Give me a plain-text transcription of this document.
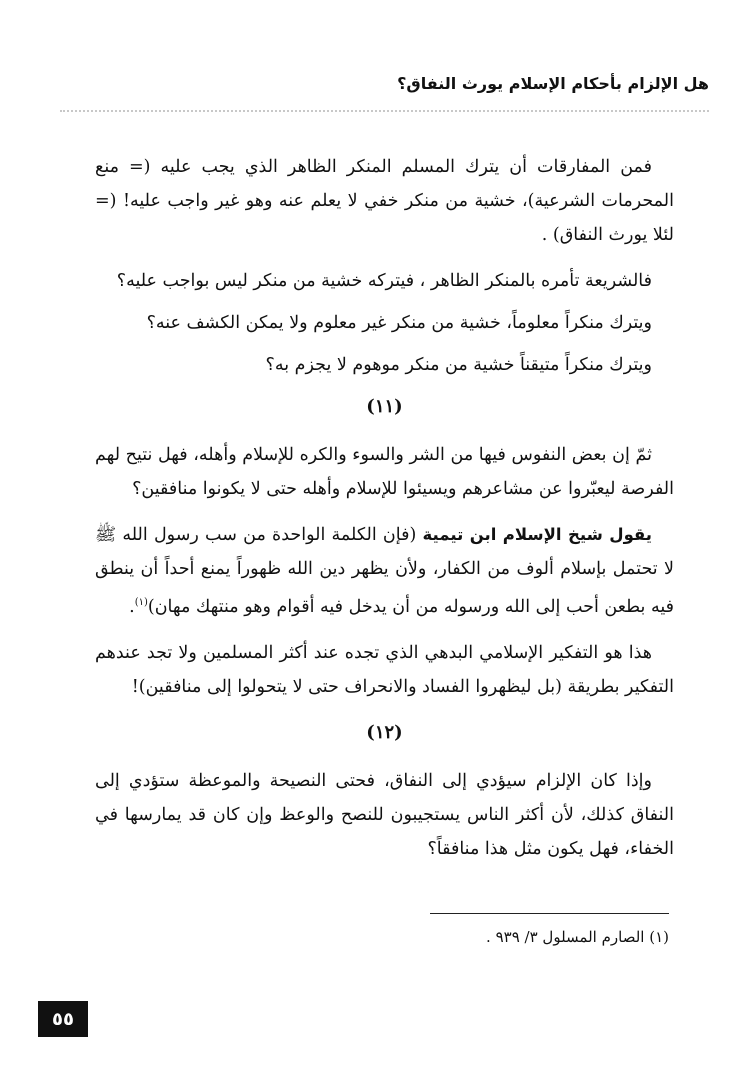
هل الإلزام بأحكام الإسلام يورث النفاق؟

فمن المفارقات أن يترك المسلم المنكر الظاهر الذي يجب عليه (= منع المحرمات الشرعية)، خشية من منكر خفي لا يعلم عنه وهو غير واجب عليه! (= لئلا يورث النفاق) .

فالشريعة تأمره بالمنكر الظاهر ، فيتركه خشية من منكر ليس بواجب عليه؟

ويترك منكراً معلوماً، خشية من منكر غير معلوم ولا يمكن الكشف عنه؟

ويترك منكراً متيقناً خشية من منكر موهوم لا يجزم به؟

(١١)

ثمّ إن بعض النفوس فيها من الشر والسوء والكره للإسلام وأهله، فهل نتيح لهم الفرصة ليعبّروا عن مشاعرهم ويسيئوا للإسلام وأهله حتى لا يكونوا منافقين؟

يقول شيخ الإسلام ابن تيمية (فإن الكلمة الواحدة من سب رسول الله ﷺ لا تحتمل بإسلام ألوف من الكفار، ولأن يظهر دين الله ظهوراً يمنع أحداً أن ينطق فيه بطعن أحب إلى الله ورسوله من أن يدخل فيه أقوام وهو منتهك مهان)$^{(١)}$.

هذا هو التفكير الإسلامي البدهي الذي تجده عند أكثر المسلمين ولا تجد عندهم التفكير بطريقة (بل ليظهروا الفساد والانحراف حتى لا يتحولوا إلى منافقين)!

(١٢)

وإذا كان الإلزام سيؤدي إلى النفاق، فحتى النصيحة والموعظة ستؤدي إلى النفاق كذلك، لأن أكثر الناس يستجيبون للنصح والوعظ وإن كان قد يمارسها في الخفاء، فهل يكون مثل هذا منافقاً؟

(١) الصارم المسلول ٣/ ٩٣٩ .
٥٥
